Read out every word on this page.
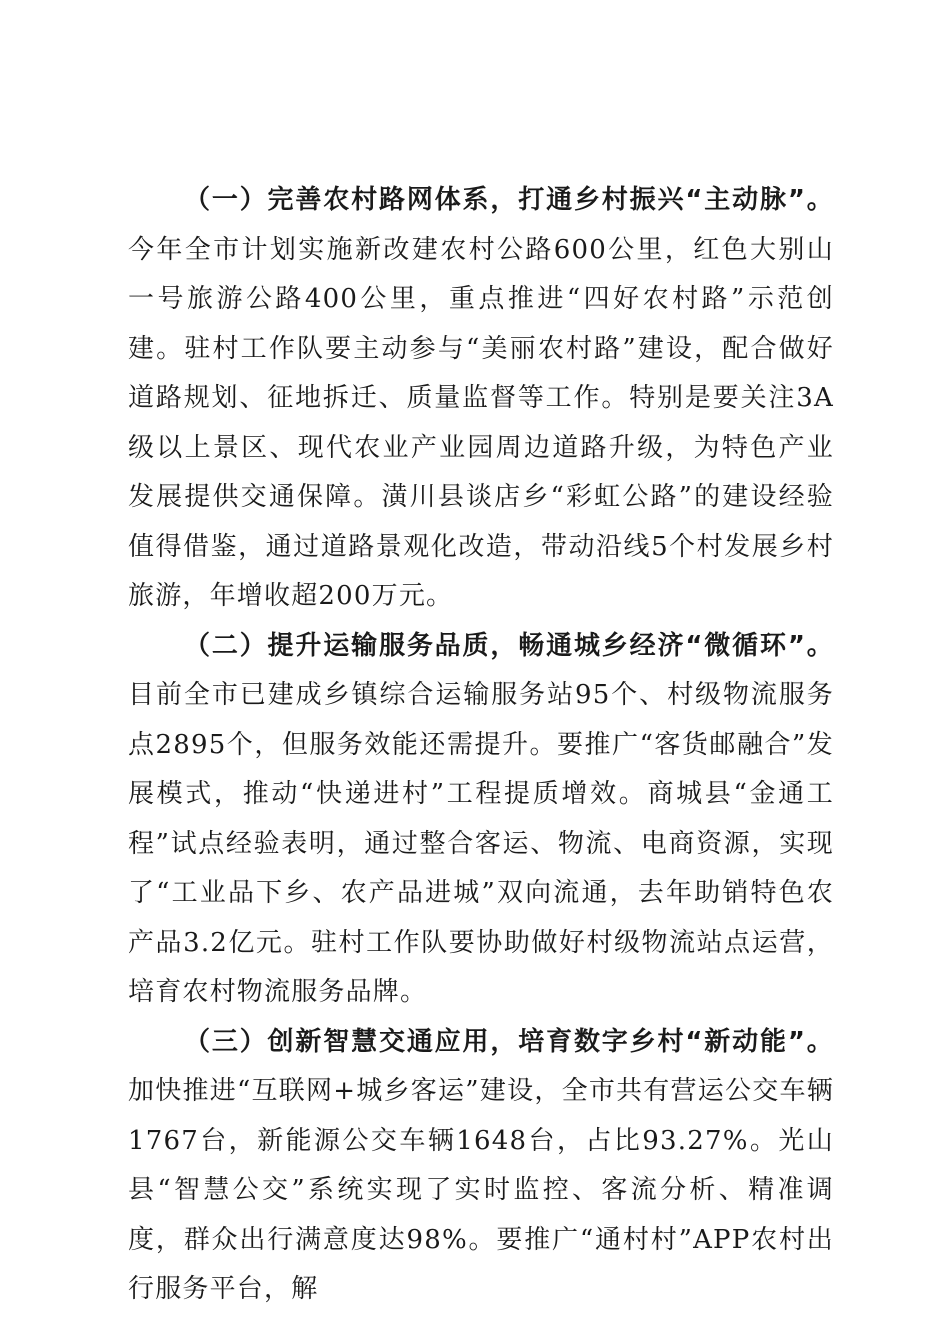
（一）完善农村路网体系，打通乡村振兴“主动脉”。今年全市计划实施新改建农村公路600公里，红色大别山一号旅游公路400公里，重点推进“四好农村路”示范创建。驻村工作队要主动参与“美丽农村路”建设，配合做好道路规划、征地拆迁、质量监督等工作。特别是要关注3A级以上景区、现代农业产业园周边道路升级，为特色产业发展提供交通保障。潢川县谈店乡“彩虹公路”的建设经验值得借鉴，通过道路景观化改造，带动沿线5个村发展乡村旅游，年增收超200万元。

（二）提升运输服务品质，畅通城乡经济“微循环”。目前全市已建成乡镇综合运输服务站95个、村级物流服务点2895个，但服务效能还需提升。要推广“客货邮融合”发展模式，推动“快递进村”工程提质增效。商城县“金通工程”试点经验表明，通过整合客运、物流、电商资源，实现了“工业品下乡、农产品进城”双向流通，去年助销特色农产品3.2亿元。驻村工作队要协助做好村级物流站点运营，培育农村物流服务品牌。

（三）创新智慧交通应用，培育数字乡村“新动能”。加快推进“互联网+城乡客运”建设，全市共有营运公交车辆1767台，新能源公交车辆1648台，占比93.27%。光山县“智慧公交”系统实现了实时监控、客流分析、精准调度，群众出行满意度达98%。要推广“通村村”APP农村出行服务平台，解
